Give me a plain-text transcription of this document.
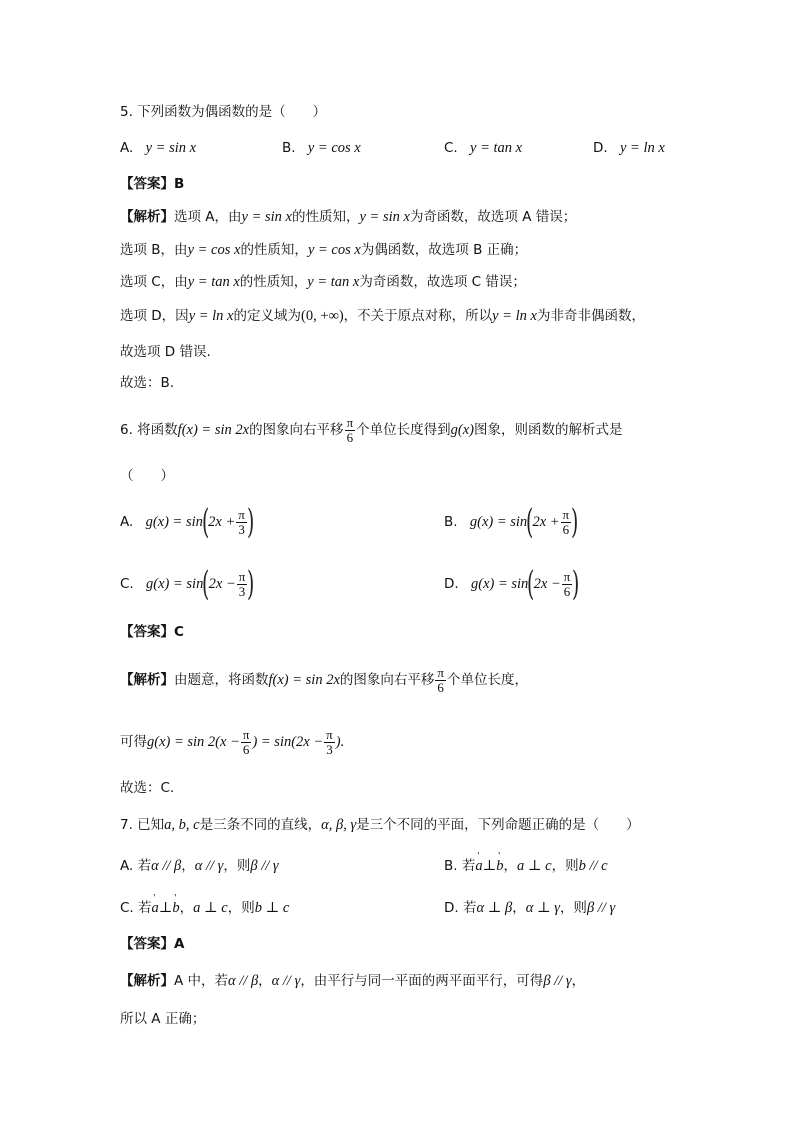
5. 下列函数为偶函数的是（　　）
A. y = sin x	B. y = cos x	C. y = tan x	D. y = ln x
【答案】B
【解析】选项 A，由y = sin x的性质知，y = sin x为奇函数，故选项 A 错误；
选项 B，由y = cos x的性质知，y = cos x为偶函数，故选项 B 正确；
选项 C，由y = tan x的性质知，y = tan x为奇函数，故选项 C 错误；
选项 D，因y = ln x的定义域为(0, +∞)，不关于原点对称，所以y = ln x为非奇非偶函数，
故选项 D 错误.
故选：B.
6. 将函数f(x) = sin 2x的图象向右平移 $\frac{\pi}{6}$ 个单位长度得到g(x)图象，则函数的解析式是
（　　）
A. $g(x) = \sin(2x + \frac{\pi}{3}$ )	B. $g(x) = \sin(2x + \frac{\pi}{6}$ )
C. $g(x) = \sin(2x - \frac{\pi}{3}$ )	D. $g(x) = \sin(2x - \frac{\pi}{6}$ )
【答案】C
【解析】由题意，将函数f(x) = sin 2x的图象向右平移 $\frac{\pi}{6}$ 个单位长度，
可得$g(x) = \sin 2(x - \frac{\pi}{6}$ ) = $\sin(2x - \frac{\pi}{3}$ ).
故选：C.
7. 已知a, b, c是三条不同的直线，α, β, γ是三个不同的平面，下列命题正确的是（　　）
A. 若α // β，α // γ，则β // γ	B. 若' a⊥' b，a ⊥ c，则b // c
C. 若' a⊥' b，a ⊥ c，则b ⊥ c	D. 若α ⊥ β，α ⊥ γ，则β // γ
【答案】A
【解析】A 中，若α // β，α // γ，由平行与同一平面的两平面平行，可得β // γ，
所以 A 正确；
